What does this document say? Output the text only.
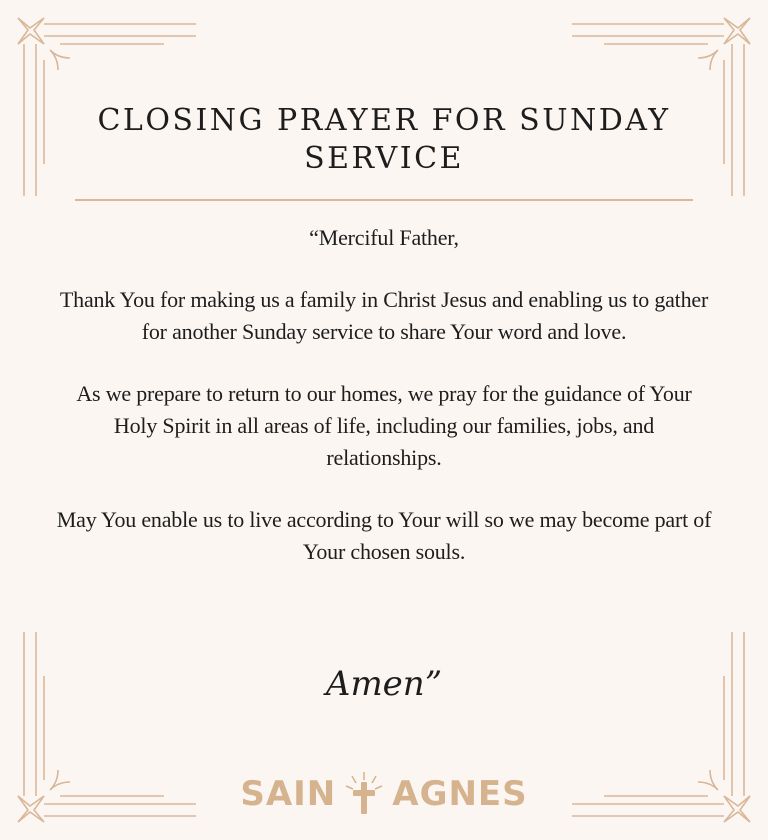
CLOSING PRAYER FOR SUNDAY SERVICE

“Merciful Father,

Thank You for making us a family in Christ Jesus and enabling us to gather for another Sunday service to share Your word and love.

As we prepare to return to our homes, we pray for the guidance of Your Holy Spirit in all areas of life, including our families, jobs, and relationships.

May You enable us to live according to Your will so we may become part of Your chosen souls.

Amen”
SAIN AGNES
